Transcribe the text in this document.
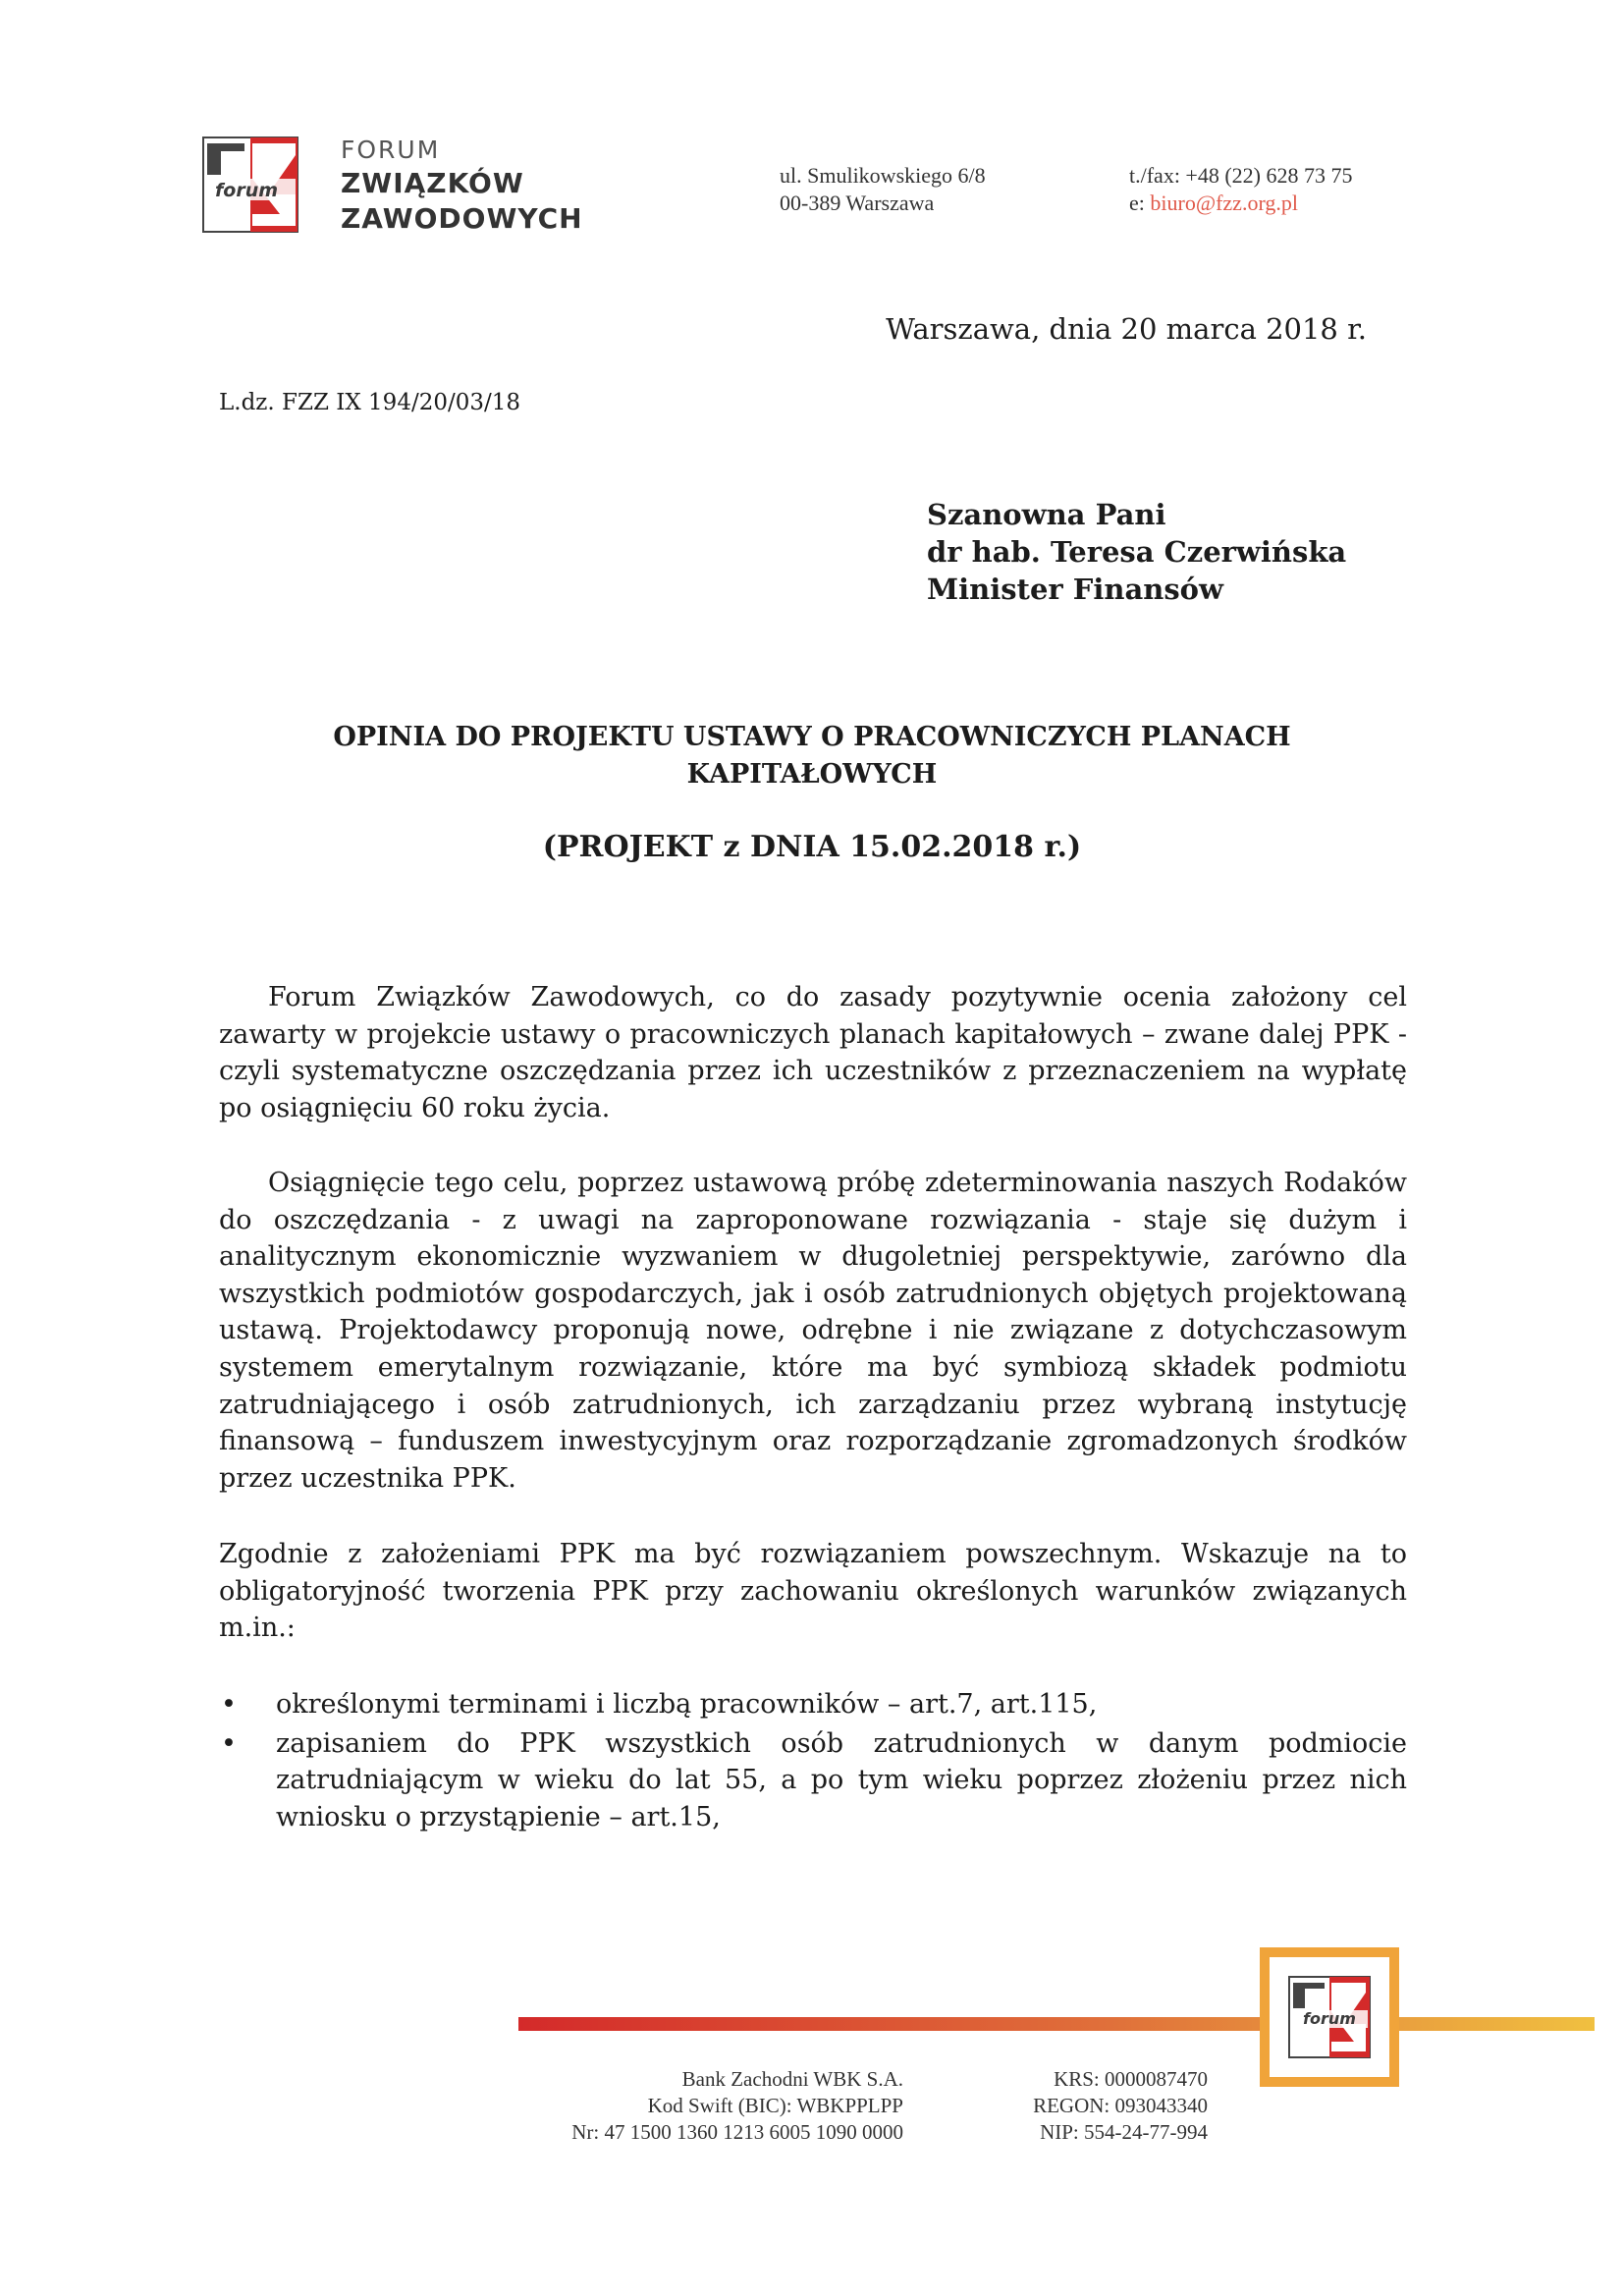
forum
FORUM
ZWIĄZKÓW
ZAWODOWYCH
ul. Smulikowskiego 6/8
00-389 Warszawa
t./fax: +48 (22) 628 73 75
e: biuro@fzz.org.pl
Warszawa, dnia 20 marca 2018 r.
L.dz. FZZ IX 194/20/03/18
Szanowna Pani
dr hab. Teresa Czerwińska
Minister Finansów
OPINIA DO PROJEKTU USTAWY O PRACOWNICZYCH PLANACH
KAPITAŁOWYCH
(PROJEKT z DNIA 15.02.2018 r.)
Forum Związków Zawodowych, co do zasady pozytywnie ocenia założony cel zawarty w projekcie ustawy o pracowniczych planach kapitałowych – zwane dalej PPK - czyli systematyczne oszczędzania przez ich uczestników z przeznaczeniem na wypłatę po osiągnięciu 60 roku życia.
Osiągnięcie tego celu, poprzez ustawową próbę zdeterminowania naszych Rodaków do oszczędzania - z uwagi na zaproponowane rozwiązania - staje się dużym i analitycznym ekonomicznie wyzwaniem w długoletniej perspektywie, zarówno dla wszystkich podmiotów gospodarczych, jak i osób zatrudnionych objętych projektowaną ustawą. Projektodawcy proponują nowe, odrębne i nie związane z dotychczasowym systemem emerytalnym rozwiązanie, które ma być symbiozą składek podmiotu zatrudniającego i osób zatrudnionych, ich zarządzaniu przez wybraną instytucję finansową – funduszem inwestycyjnym oraz rozporządzanie zgromadzonych środków przez uczestnika PPK.
Zgodnie z założeniami PPK ma być rozwiązaniem powszechnym. Wskazuje na to obligatoryjność tworzenia PPK przy zachowaniu określonych warunków związanych m.in.:
• określonymi terminami i liczbą pracowników – art.7, art.115,
• zapisaniem do PPK wszystkich osób zatrudnionych w danym podmiocie zatrudniającym w wieku do lat 55, a po tym wieku poprzez złożeniu przez nich wniosku o przystąpienie – art.15,
forum
Bank Zachodni WBK S.A.
Kod Swift (BIC): WBKPPLPP
Nr: 47 1500 1360 1213 6005 1090 0000
KRS: 0000087470
REGON: 093043340
NIP: 554-24-77-994
